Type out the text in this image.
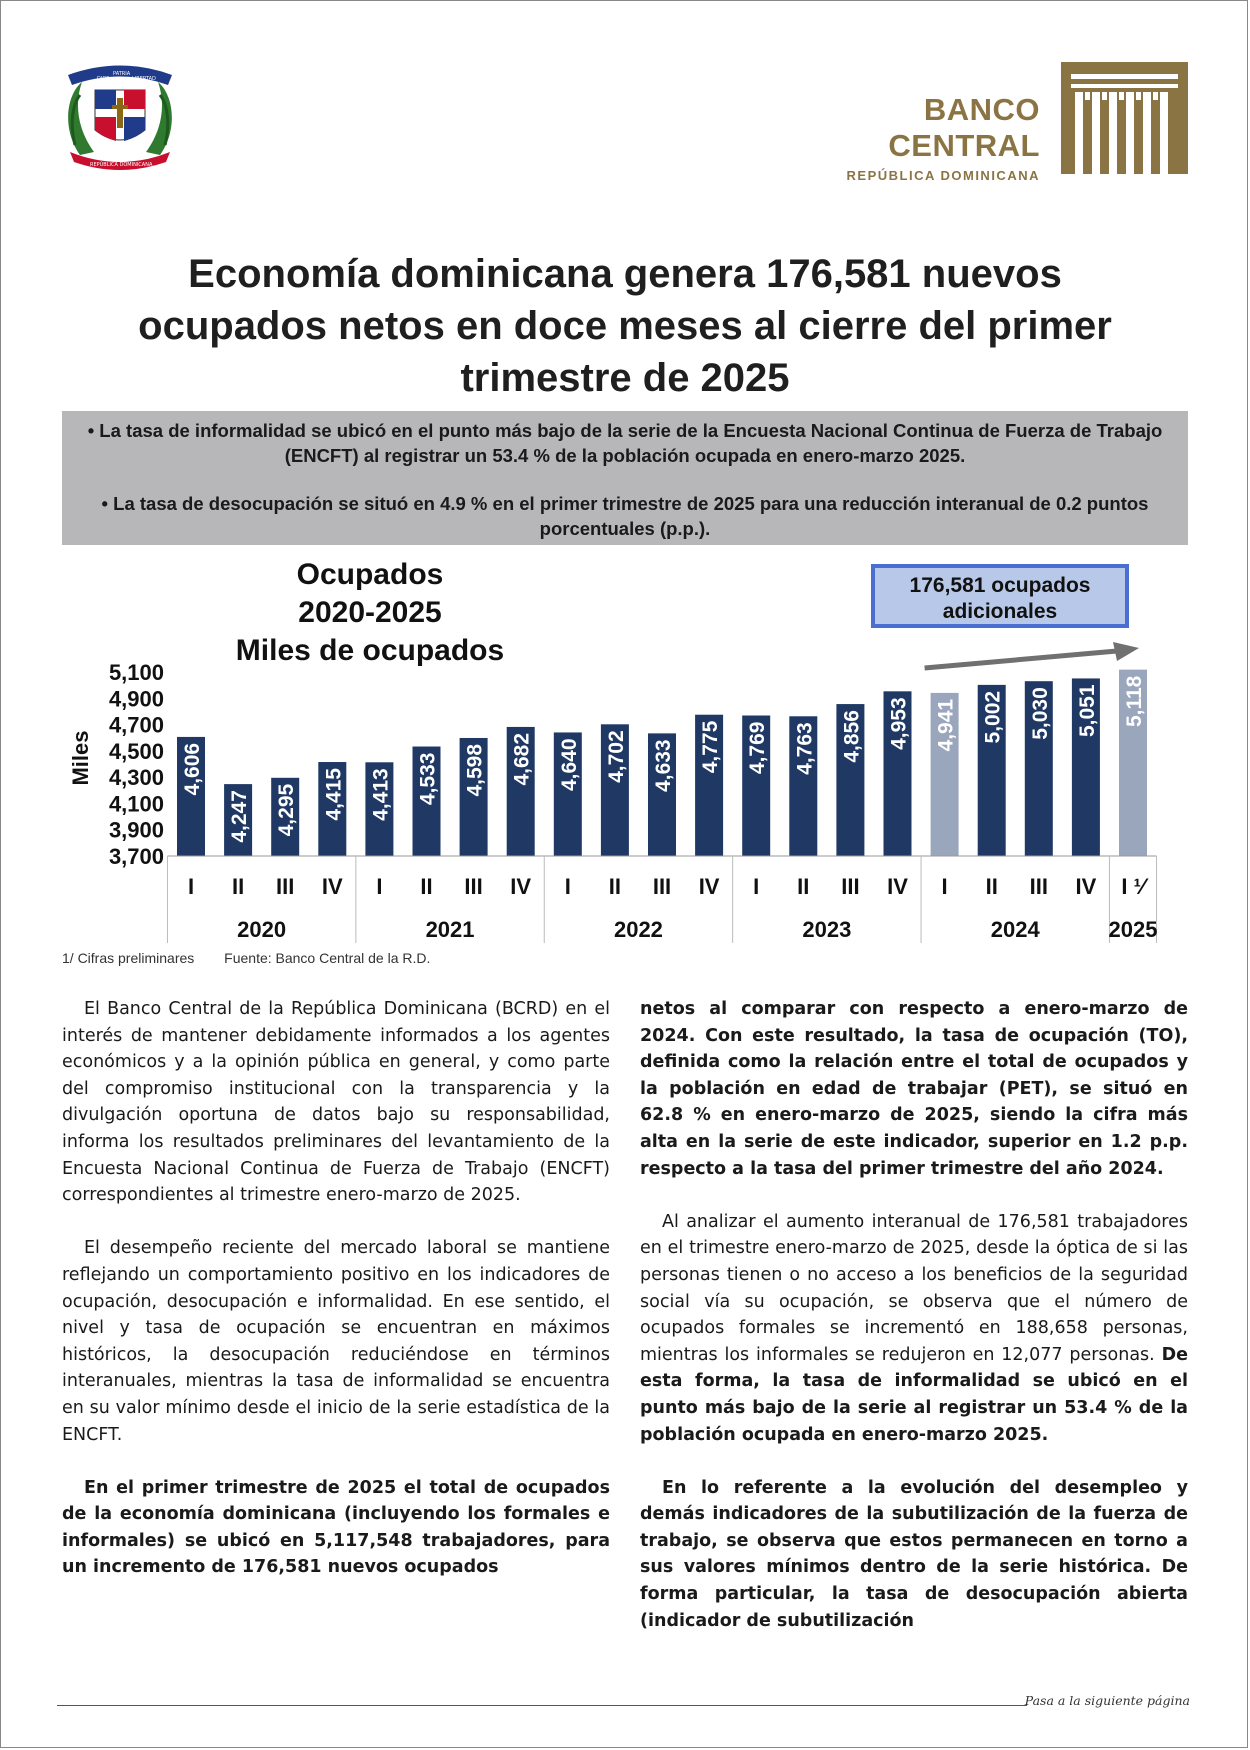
DIOS
PATRIA
LIBERTAD
REPÚBLICA DOMINICANA
BANCO CENTRAL
REPÚBLICA DOMINICANA
Economía dominicana genera 176,581 nuevos
ocupados netos en doce meses al cierre del primer
trimestre de 2025

• La tasa de informalidad se ubicó en el punto más bajo de la serie de la Encuesta Nacional Continua de Fuerza de Trabajo (ENCFT) al registrar un 53.4 % de la población ocupada en enero-marzo 2025.

• La tasa de desocupación se situó en 4.9 % en el primer trimestre de 2025 para una reducción interanual de 0.2 puntos porcentuales (p.p.).

Miles
5,100
4,900
4,700
4,500
4,300
4,100
3,900
3,700
4,606
4,247 4,295 4,415 4,413 4,533 4,598 4,682 4,640 4,702 4,633 4,775 4,769 4,763 4,856 4,953 4,941 5,002 5,030 5,051 5,118
I II III IV I II III IV I II III IV I II III IV I II III IV I ¹⁄
2020	2021	2022	2023	2024	2025
Ocupados
2020-2025
Miles de ocupados
176,581 ocupados adicionales
1/ Cifras preliminares Fuente: Banco Central de la R.D.

El Banco Central de la República Dominicana (BCRD) en el interés de mantener debidamente informados a los agentes económicos y a la opinión pública en general, y como parte del compromiso institucional con la transparencia y la divulgación oportuna de datos bajo su responsabilidad, informa los resultados preliminares del levantamiento de la Encuesta Nacional Continua de Fuerza de Trabajo (ENCFT) correspondientes al trimestre enero-marzo de 2025.

El desempeño reciente del mercado laboral se mantiene reflejando un comportamiento positivo en los indicadores de ocupación, desocupación e informalidad. En ese sentido, el nivel y tasa de ocupación se encuentran en máximos históricos, la desocupación reduciéndose en términos interanuales, mientras la tasa de informalidad se encuentra en su valor mínimo desde el inicio de la serie estadística de la ENCFT.

En el primer trimestre de 2025 el total de ocupados de la economía dominicana (incluyendo los formales e informales) se ubicó en 5,117,548 trabajadores, para un incremento de 176,581 nuevos ocupados

netos al comparar con respecto a enero-marzo de 2024. Con este resultado, la tasa de ocupación (TO), definida como la relación entre el total de ocupados y la población en edad de trabajar (PET), se situó en 62.8 % en enero-marzo de 2025, siendo la cifra más alta en la serie de este indicador, superior en 1.2 p.p. respecto a la tasa del primer trimestre del año 2024.

Al analizar el aumento interanual de 176,581 trabajadores en el trimestre enero-marzo de 2025, desde la óptica de si las personas tienen o no acceso a los beneficios de la seguridad social vía su ocupación, se observa que el número de ocupados formales se incrementó en 188,658 personas, mientras los informales se redujeron en 12,077 personas. De esta forma, la tasa de informalidad se ubicó en el punto más bajo de la serie al registrar un 53.4 % de la población ocupada en enero-marzo 2025.

En lo referente a la evolución del desempleo y demás indicadores de la subutilización de la fuerza de trabajo, se observa que estos permanecen en torno a sus valores mínimos dentro de la serie histórica. De forma particular, la tasa de desocupación abierta (indicador de subutilización

Pasa a la siguiente página
